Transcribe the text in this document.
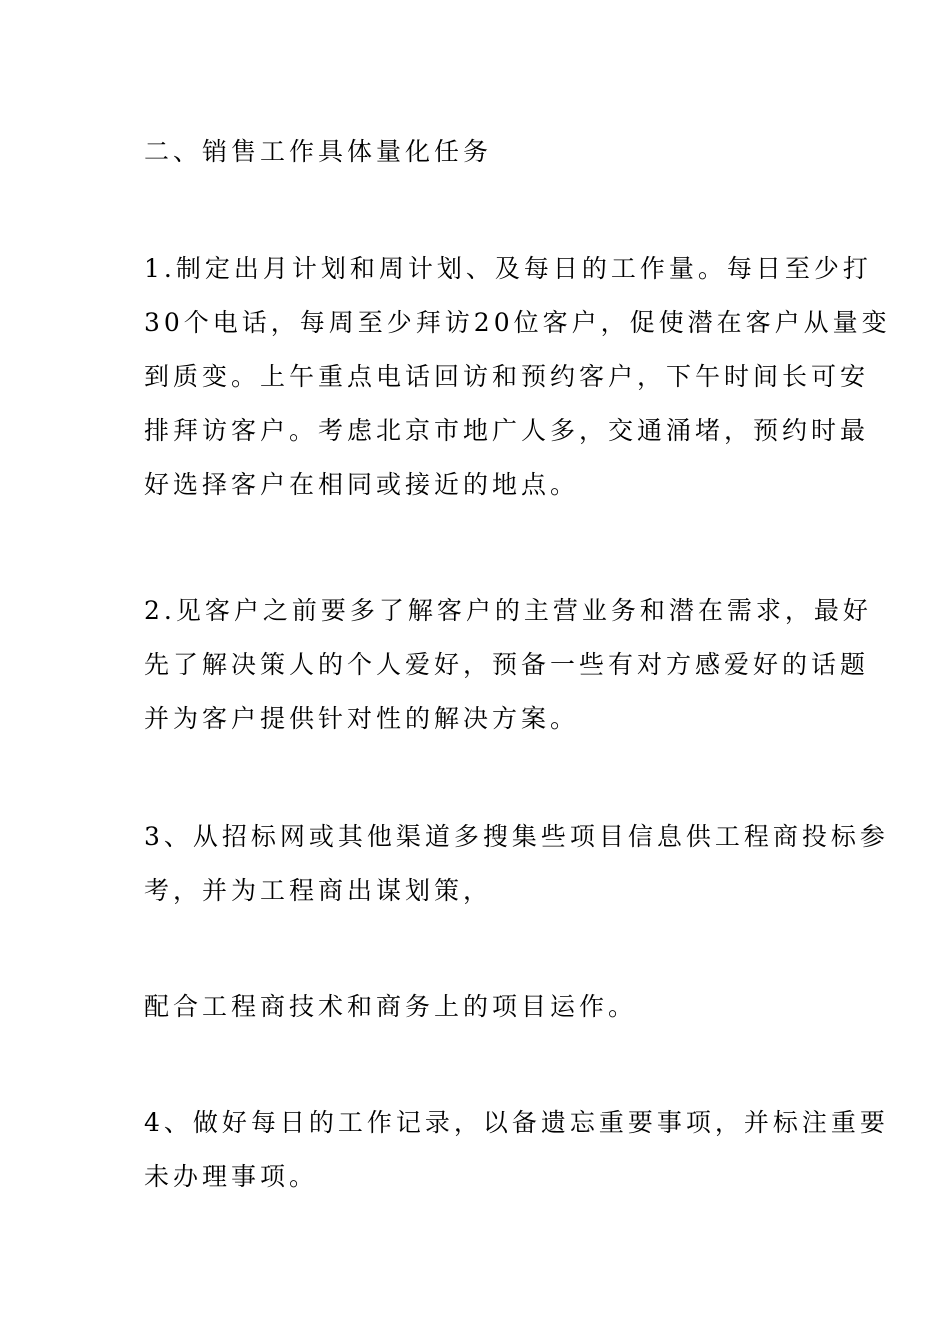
二、销售工作具体量化任务

1.制定出月计划和周计划、及每日的工作量。每日至少打
30个电话，每周至少拜访20位客户，促使潜在客户从量变
到质变。上午重点电话回访和预约客户，下午时间长可安
排拜访客户。考虑北京市地广人多，交通涌堵，预约时最
好选择客户在相同或接近的地点。

2.见客户之前要多了解客户的主营业务和潜在需求，最好
先了解决策人的个人爱好，预备一些有对方感爱好的话题
并为客户提供针对性的解决方案。

3、从招标网或其他渠道多搜集些项目信息供工程商投标参
考，并为工程商出谋划策，

配合工程商技术和商务上的项目运作。

4、做好每日的工作记录，以备遗忘重要事项，并标注重要
未办理事项。
